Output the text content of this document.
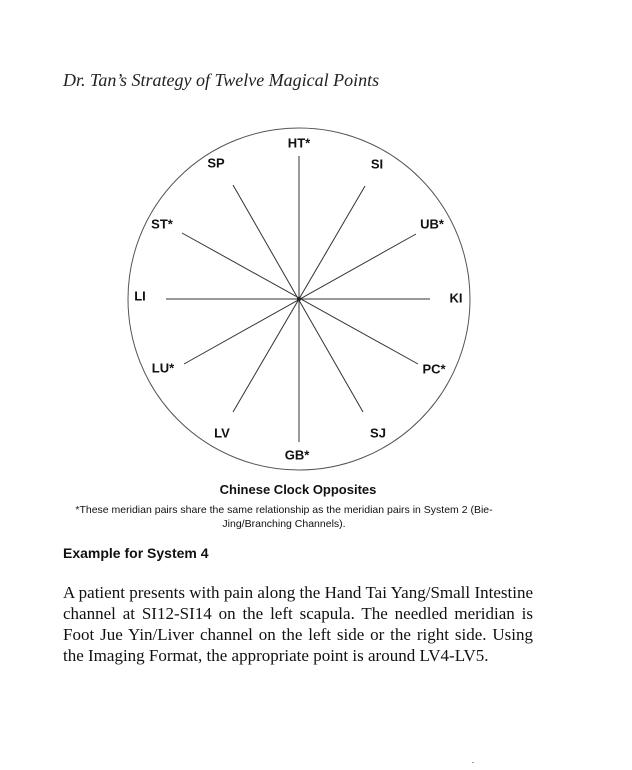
Dr. Tan’s Strategy of Twelve Magical Points
HT*
SI
UB*
KI
PC*
SJ
GB*
LV
LU*
LI
ST*
SP
Chinese Clock Opposites
*These meridian pairs share the same relationship as the meridian pairs in System 2 (Bie-Jing/Branching Channels).
Example for System 4
A patient presents with pain along the Hand Tai Yang/Small Intestine channel at SI12-SI14 on the left scapula. The needled meridian is Foot Jue Yin/Liver channel on the left side or the right side. Using the Imaging Format, the appropriate point is around LV4-LV5.
